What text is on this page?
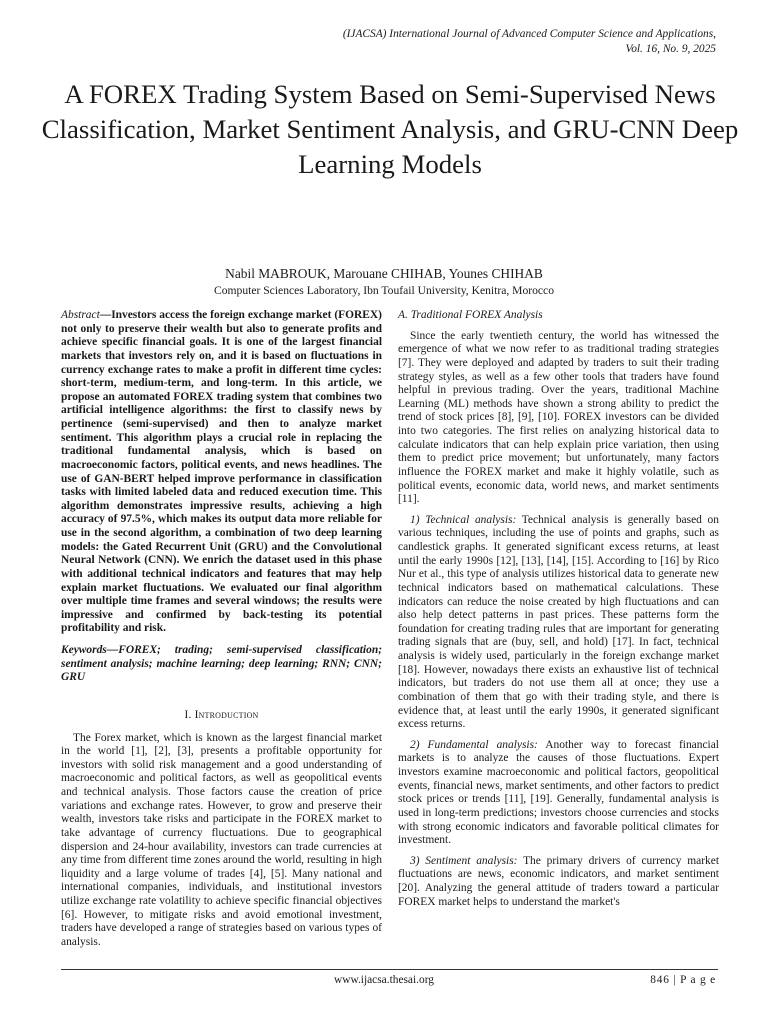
(IJACSA) International Journal of Advanced Computer Science and Applications,
Vol. 16, No. 9, 2025
A FOREX Trading System Based on Semi-Supervised News Classification, Market Sentiment Analysis, and GRU-CNN Deep Learning Models
Nabil MABROUK, Marouane CHIHAB, Younes CHIHAB
Computer Sciences Laboratory, Ibn Toufail University, Kenitra, Morocco

Abstract—Investors access the foreign exchange market (FOREX) not only to preserve their wealth but also to generate profits and achieve specific financial goals. It is one of the largest financial markets that investors rely on, and it is based on fluctuations in currency exchange rates to make a profit in different time cycles: short-term, medium-term, and long-term. In this article, we propose an automated FOREX trading system that combines two artificial intelligence algorithms: the first to classify news by pertinence (semi-supervised) and then to analyze market sentiment. This algorithm plays a crucial role in replacing the traditional fundamental analysis, which is based on macroeconomic factors, political events, and news headlines. The use of GAN-BERT helped improve performance in classification tasks with limited labeled data and reduced execution time. This algorithm demonstrates impressive results, achieving a high accuracy of 97.5%, which makes its output data more reliable for use in the second algorithm, a combination of two deep learning models: the Gated Recurrent Unit (GRU) and the Convolutional Neural Network (CNN). We enrich the dataset used in this phase with additional technical indicators and features that may help explain market fluctuations. We evaluated our final algorithm over multiple time frames and several windows; the results were impressive and confirmed by back-testing its potential profitability and risk.

Keywords—FOREX; trading; semi-supervised classification; sentiment analysis; machine learning; deep learning; RNN; CNN; GRU

I. Introduction

The Forex market, which is known as the largest financial market in the world [1], [2], [3], presents a profitable opportunity for investors with solid risk management and a good understanding of macroeconomic and political factors, as well as geopolitical events and technical analysis. Those factors cause the creation of price variations and exchange rates. However, to grow and preserve their wealth, investors take risks and participate in the FOREX market to take advantage of currency fluctuations. Due to geographical dispersion and 24-hour availability, investors can trade currencies at any time from different time zones around the world, resulting in high liquidity and a large volume of trades [4], [5]. Many national and international companies, individuals, and institutional investors utilize exchange rate volatility to achieve specific financial objectives [6]. However, to mitigate risks and avoid emotional investment, traders have developed a range of strategies based on various types of analysis.

A. Traditional FOREX Analysis

Since the early twentieth century, the world has witnessed the emergence of what we now refer to as traditional trading strategies [7]. They were deployed and adapted by traders to suit their trading strategy styles, as well as a few other tools that traders have found helpful in previous trading. Over the years, traditional Machine Learning (ML) methods have shown a strong ability to predict the trend of stock prices [8], [9], [10]. FOREX investors can be divided into two categories. The first relies on analyzing historical data to calculate indicators that can help explain price variation, then using them to predict price movement; but unfortunately, many factors influence the FOREX market and make it highly volatile, such as political events, economic data, world news, and market sentiments [11].

1) Technical analysis: Technical analysis is generally based on various techniques, including the use of points and graphs, such as candlestick graphs. It generated significant excess returns, at least until the early 1990s [12], [13], [14], [15]. According to [16] by Rico Nur et al., this type of analysis utilizes historical data to generate new technical indicators based on mathematical calculations. These indicators can reduce the noise created by high fluctuations and can also help detect patterns in past prices. These patterns form the foundation for creating trading rules that are important for generating trading signals that are (buy, sell, and hold) [17]. In fact, technical analysis is widely used, particularly in the foreign exchange market [18]. However, nowadays there exists an exhaustive list of technical indicators, but traders do not use them all at once; they use a combination of them that go with their trading style, and there is evidence that, at least until the early 1990s, it generated significant excess returns.

2) Fundamental analysis: Another way to forecast financial markets is to analyze the causes of those fluctuations. Expert investors examine macroeconomic and political factors, geopolitical events, financial news, market sentiments, and other factors to predict stock prices or trends [11], [19]. Generally, fundamental analysis is used in long-term predictions; investors choose currencies and stocks with strong economic indicators and favorable political climates for investment.

3) Sentiment analysis: The primary drivers of currency market fluctuations are news, economic indicators, and market sentiment [20]. Analyzing the general attitude of traders toward a particular FOREX market helps to understand the market's

www.ijacsa.thesai.org	846 | P a g e
